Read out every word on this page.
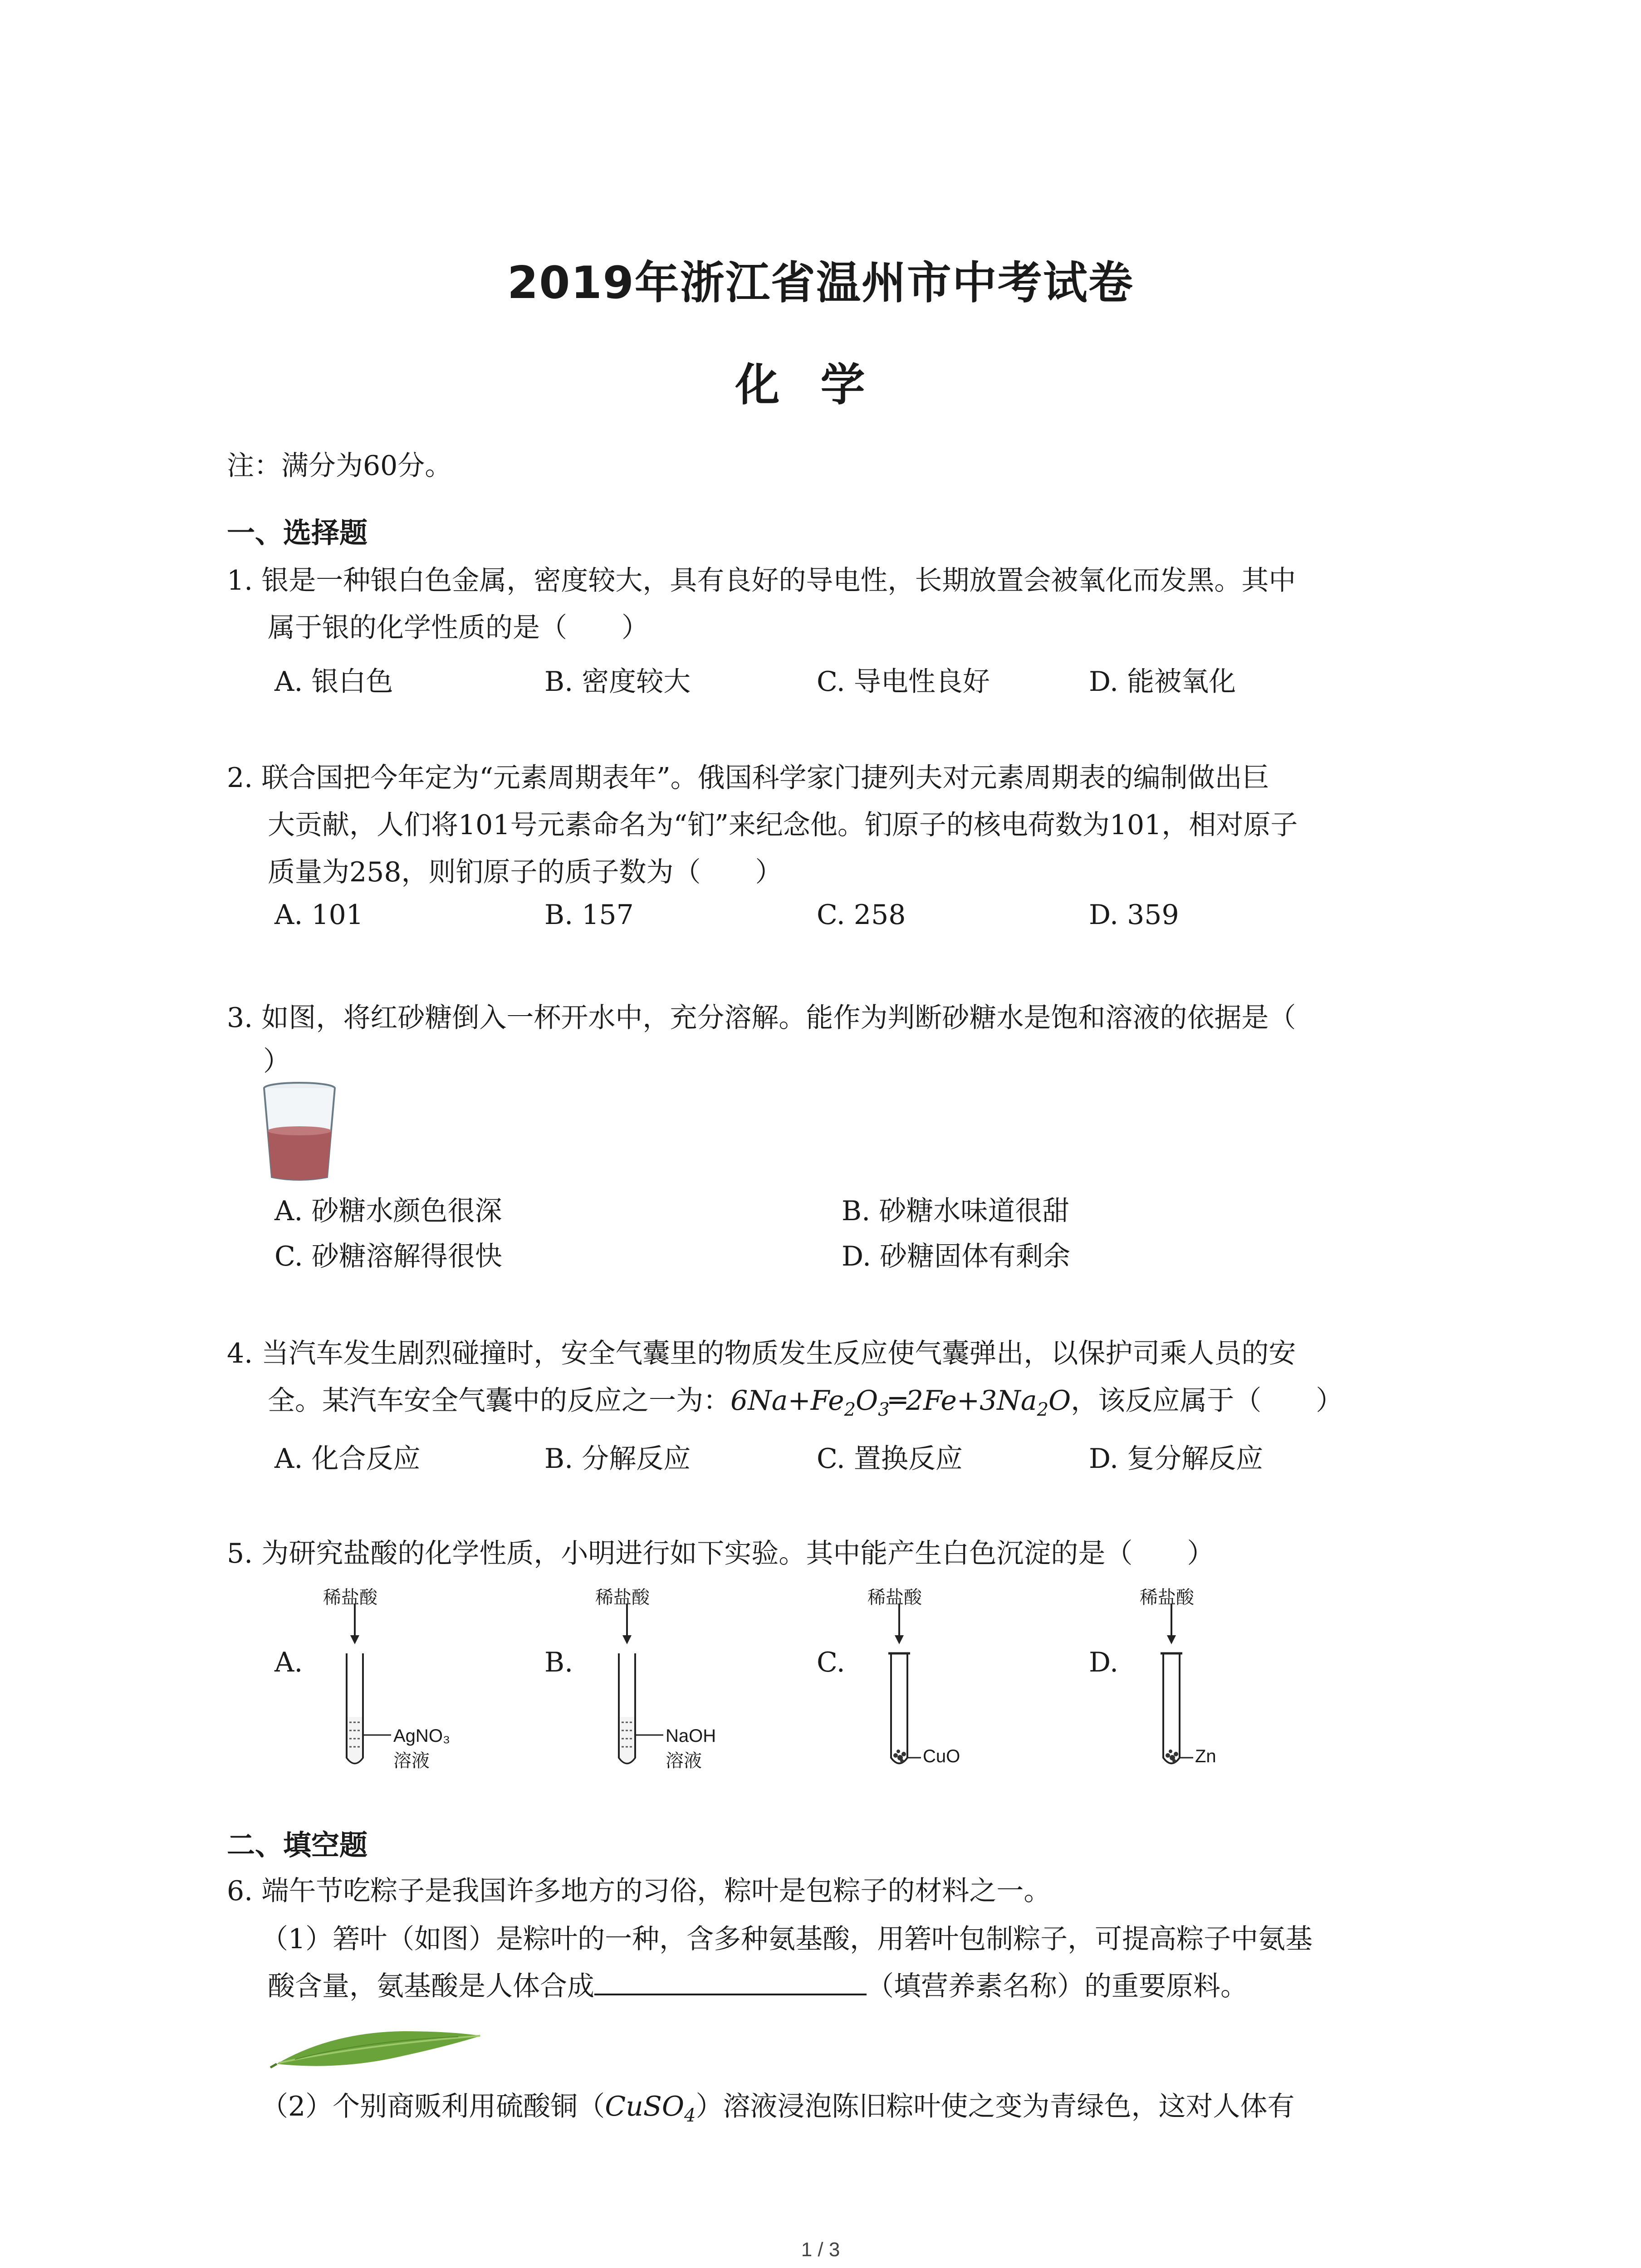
2019年浙江省温州市中考试卷
化学
注：满分为60分。
一、选择题
1. 银是一种银白色金属，密度较大，具有良好的导电性，长期放置会被氧化而发黑。其中
属于银的化学性质的是（　　）
A. 银白色	B. 密度较大	C. 导电性良好	D. 能被氧化
2. 联合国把今年定为“元素周期表年”。俄国科学家门捷列夫对元素周期表的编制做出巨
大贡献，人们将101号元素命名为“钔”来纪念他。钔原子的核电荷数为101，相对原子
质量为258，则钔原子的质子数为（　　）
A. 101	B. 157	C. 258	D. 359
3. 如图，将红砂糖倒入一杯开水中，充分溶解。能作为判断砂糖水是饱和溶液的依据是（
）
A. 砂糖水颜色很深	B. 砂糖水味道很甜
C. 砂糖溶解得很快	D. 砂糖固体有剩余
4. 当汽车发生剧烈碰撞时，安全气囊里的物质发生反应使气囊弹出，以保护司乘人员的安
全。某汽车安全气囊中的反应之一为：$6Na+Fe_2O_3═2Fe+3Na_2O$，该反应属于（　　）
A. 化合反应	B. 分解反应	C. 置换反应	D. 复分解反应
5. 为研究盐酸的化学性质，小明进行如下实验。其中能产生白色沉淀的是（　　）
A.	B.	C.	D.
稀盐酸
AgNO₃
溶液
稀盐酸
NaOH
溶液
稀盐酸
CuO
稀盐酸
Zn
二、填空题
6. 端午节吃粽子是我国许多地方的习俗，粽叶是包粽子的材料之一。
（1）箬叶（如图）是粽叶的一种，含多种氨基酸，用箬叶包制粽子，可提高粽子中氨基
酸含量，氨基酸是人体合成	（填营养素名称）的重要原料。
（2）个别商贩利用硫酸铜（CuSO$_4$）溶液浸泡陈旧粽叶使之变为青绿色，这对人体有
1 / 3
